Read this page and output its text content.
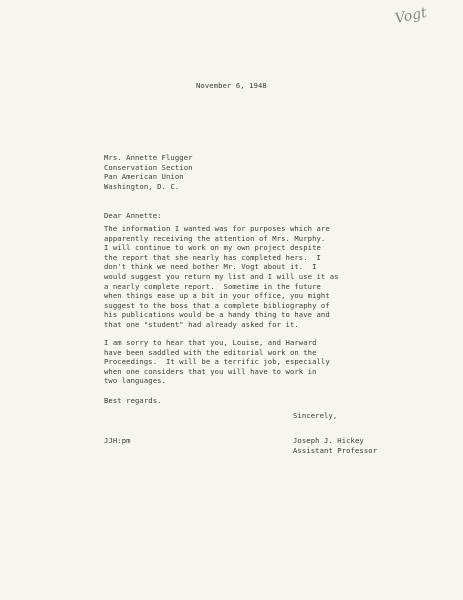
Vogt
November 6, 1948
Mrs. Annette Flugger
Conservation Section
Pan American Union
Washington, D. C.
Dear Annette:
The information I wanted was for purposes which are
apparently receiving the attention of Mrs. Murphy.
I will continue to work on my own project despite
the report that she nearly has completed hers.  I
don't think we need bother Mr. Vogt about it.  I
would suggest you return my list and I will use it as
a nearly complete report.  Sometime in the future
when things ease up a bit in your office, you might
suggest to the boss that a complete bibliography of
his publications would be a handy thing to have and
that one "student" had already asked for it.
I am sorry to hear that you, Louise, and Harward
have been saddled with the editorial work on the
Proceedings.  It will be a terrific job, especially
when one considers that you will have to work in
two languages.
Best regards.
Sincerely,
JJH:pm	Joseph J. Hickey
Assistant Professor
